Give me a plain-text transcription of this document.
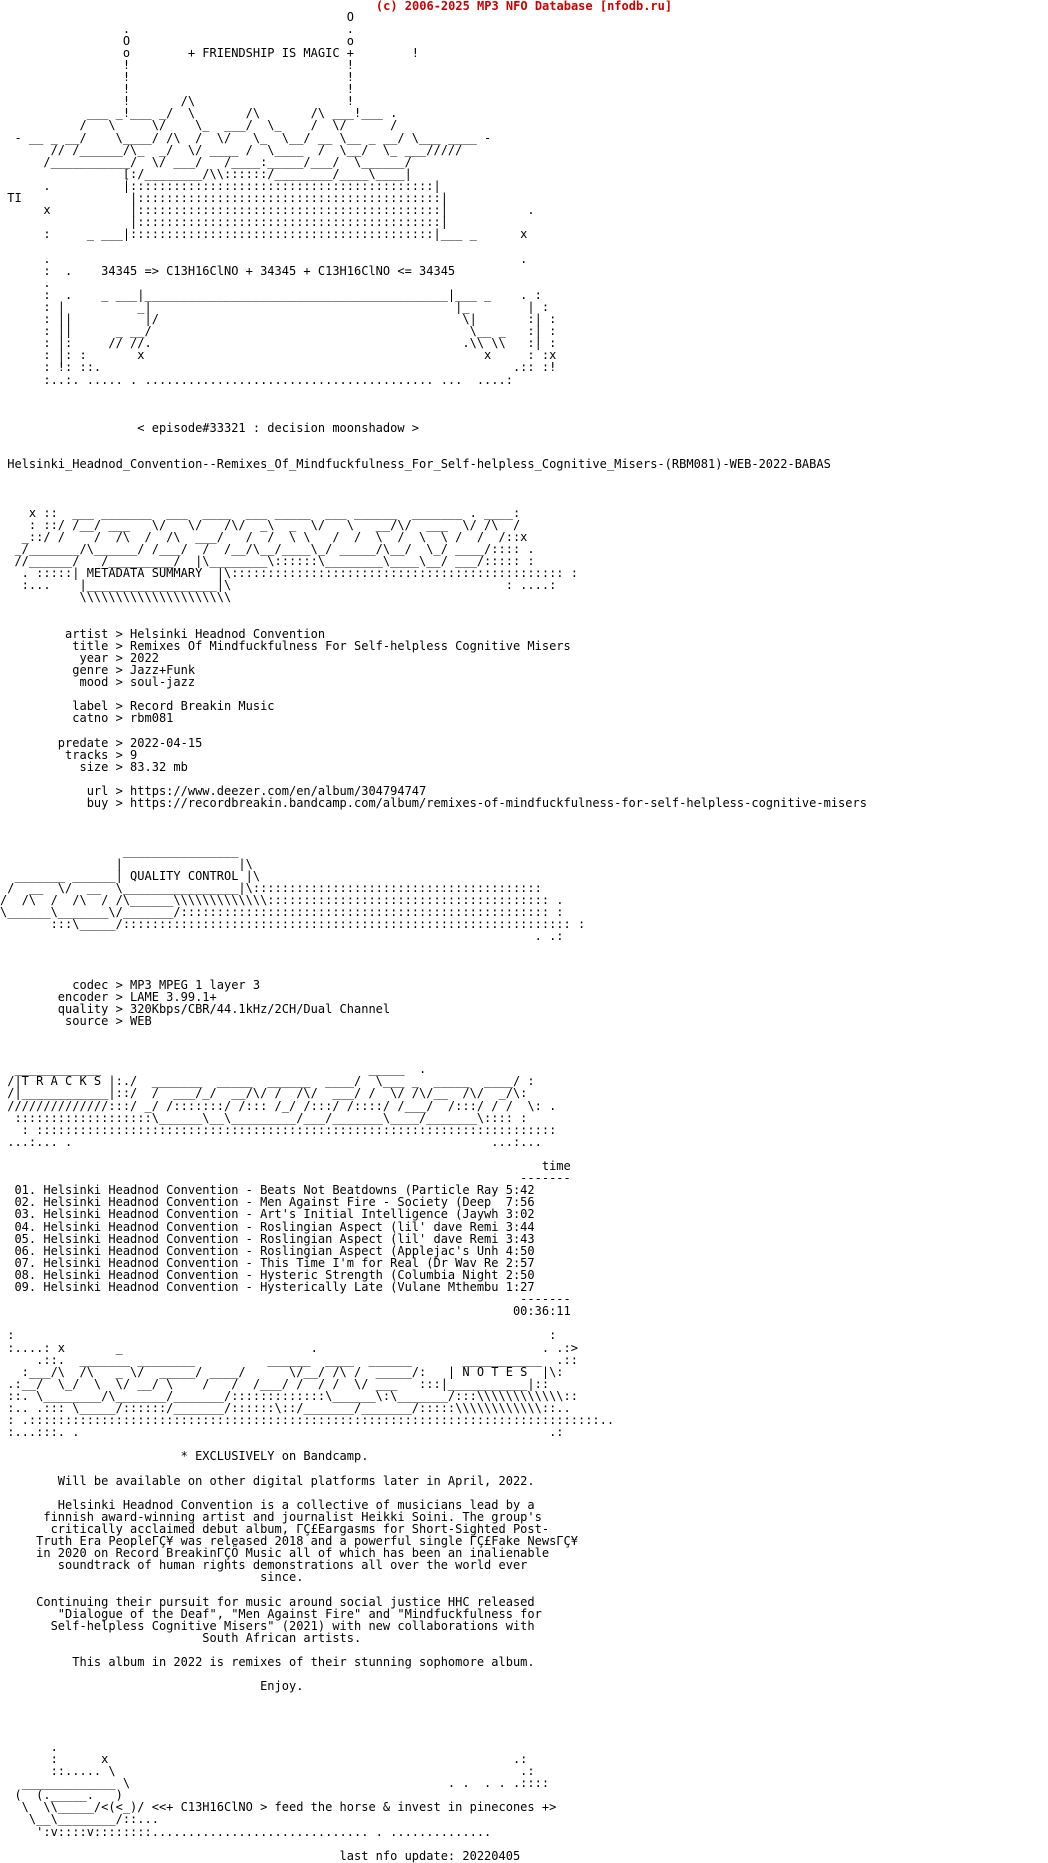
(c) 2006-2025 MP3 NFO Database [nfodb.ru]
O
.                              .
O                              o
o        + FRIENDSHIP IS MAGIC +        !
!                              !
!                              !
!                              !
!       /\                     !
___ _!___ _/  \       /\       /\ ___!___ .
/   \     \/    \_  ___/  \_    /  \/      /
- __ _ __/    \____/ /\  /  \/   \_  \__/ __ \__ _ __/ \___ ____ -
// /______/\_  _/  \/ ____ /  \____  /  \__/  \_ ___/////
/___________/  \/ ___/   /____:_____/___/  \______/
[:/________/\\::::::/________/____\____|
.          |::::::::::::::::::::::::::::::::::::::::::|
TI               |::::::::::::::::::::::::::::::::::::::::::|
x           |::::::::::::::::::::::::::::::::::::::::::|           .
|::::::::::::::::::::::::::::::::::::::::::|
:     _ ___|::::::::::::::::::::::::::::::::::::::::::|___ _      x
.                                                                 .
:  .    34345 => C13H16ClNO + 34345 + C13H16ClNO <= 34345
.
:  .    _ ___|__________________________________________|___ _    . :
: |          _|                                          |_        | :
: ||          |/                                          \|       :| :
: ||      _ __/                                            \__ _   :| :
: |:     // //.                                           .\\ \\   :| :
: |: :       x                                               x     : :x
: !: ::.                                                         .:: :!
:..:. ..... . ........................................ ...  ....:
< episode#33321 : decision moonshadow >
Helsinki_Headnod_Convention--Remixes_Of_Mindfuckfulness_For_Self-helpless_Cognitive_Misers-(RBM081)-WEB-2022-BABAS
x ::  ___ _______  ___  ____  ___ _____  ___ ______  _______ . ____:
: ::/ /__/ ___   \/   \/   /\/  _\  _  \/   \   __/\/  ___  \/ /\  /
_::/ /    /  /\  /  /\  ___/   /  /  \ \   /  /  \  /  \  \ /  /  /::x
_/_______/\______/ /___/  /  /__/\__/____\_/ _____/\__/  \_/ ____/:::: .
//______/   /_________/  |\________\::::::\________\____\__/ ___/::::: :
. :::::| METADATA SUMMARY  |\:::::::::::::::::::::::::::::::::::::::::::::: :
:...    |__________________|\                                      : ....:
\\\\\\\\\\\\\\\\\\\\\
artist > Helsinki Headnod Convention
title > Remixes Of Mindfuckfulness For Self-helpless Cognitive Misers
year > 2022
genre > Jazz+Funk
mood > soul-jazz
label > Record Breakin Music
catno > rbm081
predate > 2022-04-15
tracks > 9
size > 83.32 mb
url > https://www.deezer.com/en/album/304794747
buy > https://recordbreakin.bandcamp.com/album/remixes-of-mindfuckfulness-for-self-helpless-cognitive-misers
________________
|                |\
_______ ______| QUALITY CONTROL |\
/  __  \/  __  \________________|\::::::::::::::::::::::::::::::::::::::::
/  /\  /  /\  / /\______\\\\\\\\\\\\\::::::::::::::::::::::::::::::::::::::: .
\______\_______\/_______/::::::::::::::::::::::::::::::::::::::::::::::::::: :
:::\_____/:::::::::::::::::::::::::::::::::::::::::::::::::::::::::::::: :
. .:
codec > MP3 MPEG 1 layer 3
encoder > LAME 3.99.1+
quality > 320Kbps/CBR/44.1kHz/2CH/Dual Channel
source > WEB
____________                                     _____  .
/|T R A C K S |:./  _______  _____  ______  ____/  \___ _  _____  ____/ :
/|____________|::/  /  ___/_/  __/\/ /  /\/  ___/ /  \/ /\/__  /\/  _/\:
//////////////:::/ _/ /:::::::/ /::: /_/ /:::/ /::::/ /___/  /:::/ / /  \: .
:::::::::::::::::::\______\__\_________/___/_______\____/_______\:::: :
: ::::::::::::::::::::::::::::::::::::::::::::::::::::::::::::::::::::::::
...:... .                                                          ...:...
time
-------
01. Helsinki Headnod Convention - Beats Not Beatdowns (Particle Ray 5:42
02. Helsinki Headnod Convention - Men Against Fire - Society (Deep  7:56
03. Helsinki Headnod Convention - Art's Initial Intelligence (Jaywh 3:02
04. Helsinki Headnod Convention - Roslingian Aspect (lil' dave Remi 3:44
05. Helsinki Headnod Convention - Roslingian Aspect (lil' dave Remi 3:43
06. Helsinki Headnod Convention - Roslingian Aspect (Applejac's Unh 4:50
07. Helsinki Headnod Convention - This Time I'm for Real (Dr Wav Re 2:57
08. Helsinki Headnod Convention - Hysteric Strength (Columbia Night 2:50
09. Helsinki Headnod Convention - Hysterically Late (Vulane Mthembu 1:27
-------
00:36:11
:                                                                          :
:....: x       _                          .                               . .:>
.::.  _______ ________          ______  ____  ______       ___________  .::
:___/\  /\   _ \/  _____/ ____/      \/__/ /\ /  _____/:   | N O T E S  |\:
.:__/  \_/  \  \/ __/ \    /   /  /___/ /  / /  \/ ___   :::|___________|::
::. \________/\_______/_______/:::::::::::::\______\:\_______/:::\\\\\\\\\\\\::
:.. .::: \_____/::::::/_______/::::::\::/_______/_______/:::::\\\\\\\\\\\\::..
: .:::::::::::::::::::::::::::::::::::::::::::::::::::::::::::::::::::::::::::::::..
:...:::. .                                                                 .:
* EXCLUSIVELY on Bandcamp.
Will be available on other digital platforms later in April, 2022.
Helsinki Headnod Convention is a collective of musicians lead by a
finnish award-winning artist and journalist Heikki Soini. The group's
critically acclaimed debut album, ΓÇ£Eargasms for Short-Sighted Post-
Truth Era PeopleΓÇ¥ was released 2018 and a powerful single ΓÇ£Fake NewsΓÇ¥
in 2020 on Record BreakinΓÇÖ Music all of which has been an inalienable
soundtrack of human rights demonstrations all over the world ever
since.
Continuing their pursuit for music around social justice HHC released
"Dialogue of the Deaf", "Men Against Fire" and "Mindfuckfulness for
Self-helpless Cognitive Misers" (2021) with new collaborations with
South African artists.
This album in 2022 is remixes of their stunning sophomore album.
Enjoy.
.
:      x                                                        .:
::..... \                                                        .:
_____________ \                                            . .  . . .::::
(  (._____.   )
\  \\_____/<(<_)/ <<+ C13H16ClNO > feed the horse & invest in pinecones +>
\__\________/::...
':v::::v::::::::.............................. . ..............
last nfo update: 20220405
